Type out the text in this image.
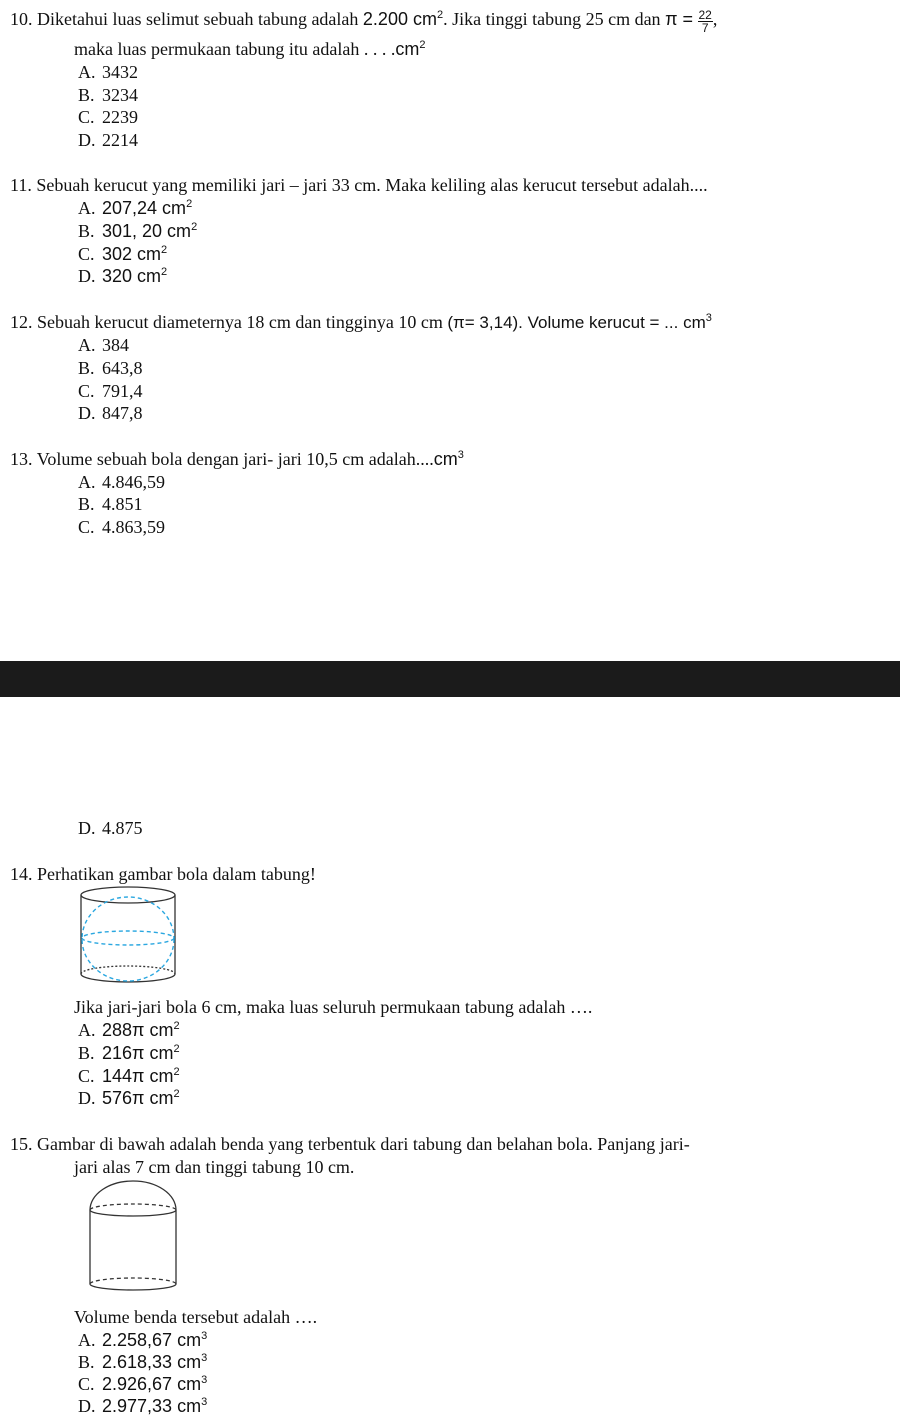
10. Diketahui luas selimut sebuah tabung adalah 2.200 $cm^2$. Jika tinggi tabung 25 cm dan $\pi = \frac{22}{7}$ ,
maka luas permukaan tabung itu adalah . . . $.cm^2$
A. 3432
B. 3234
C. 2239
D. 2214
11. Sebuah kerucut yang memiliki jari – jari 33 cm. Maka keliling alas kerucut tersebut adalah....
A. 207,24 $cm^2$
B. 301, 20 $cm^2$
C. 302 $cm^2$
D. 320 $cm^2$
12. Sebuah kerucut diameternya 18 cm dan tingginya 10 cm (π= 3,14). Volume kerucut = ... $cm^3$
A. 384
B. 643,8
C. 791,4
D. 847,8
13. Volume sebuah bola dengan jari- jari 10,5 cm $adalah....cm^3$
A. 4.846,59
B. 4.851
C. 4.863,59
D. 4.875
14. Perhatikan gambar bola dalam tabung!
Jika jari-jari bola 6 cm, maka luas seluruh permukaan tabung adalah ….
A. 288π $cm^2$
B. 216π $cm^2$
C. 144π $cm^2$
D. 576π $cm^2$
15. Gambar di bawah adalah benda yang terbentuk dari tabung dan belahan bola. Panjang jari-
jari alas 7 cm dan tinggi tabung 10 cm.
Volume benda tersebut adalah ….
A. 2.258,67 $cm^3$
B. 2.618,33 $cm^3$
C. 2.926,67 $cm^3$
D. 2.977,33 $cm^3$
